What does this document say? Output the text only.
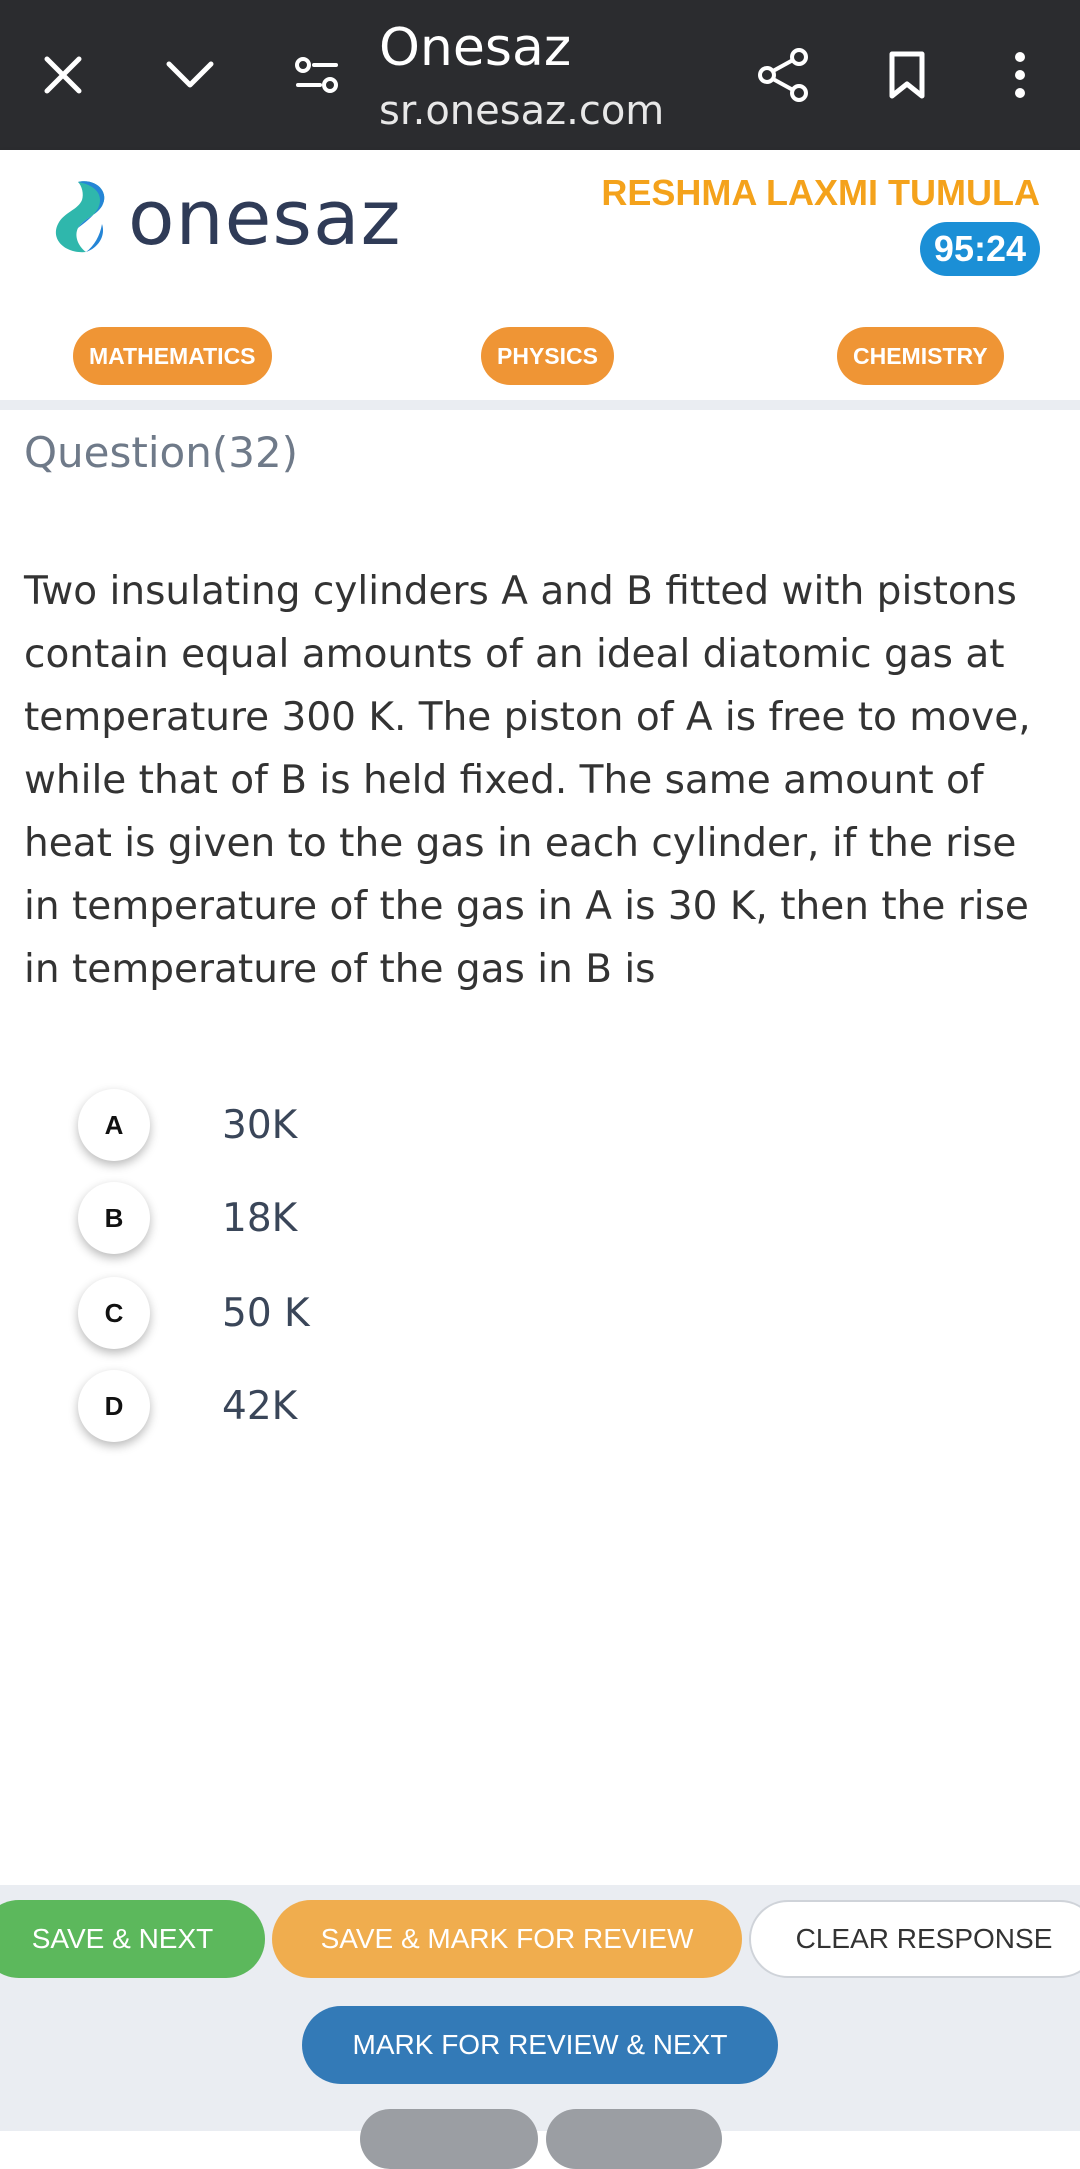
Onesaz
sr.onesaz.com
onesaz	RESHMA LAXMI TUMULA
95:24
MATHEMATICS	PHYSICS	CHEMISTRY
Question(32)
Two insulating cylinders A and B fitted with pistons contain equal amounts of an ideal diatomic gas at temperature 300 K. The piston of A is free to move, while that of B is held fixed. The same amount of heat is given to the gas in each cylinder, if the rise in temperature of the gas in A is 30 K, then the rise in temperature of the gas in B is
A	30K
B	18K
C	50 K
D	42K
SAVE & NEXT	SAVE & MARK FOR REVIEW	CLEAR RESPONSE
MARK FOR REVIEW & NEXT
